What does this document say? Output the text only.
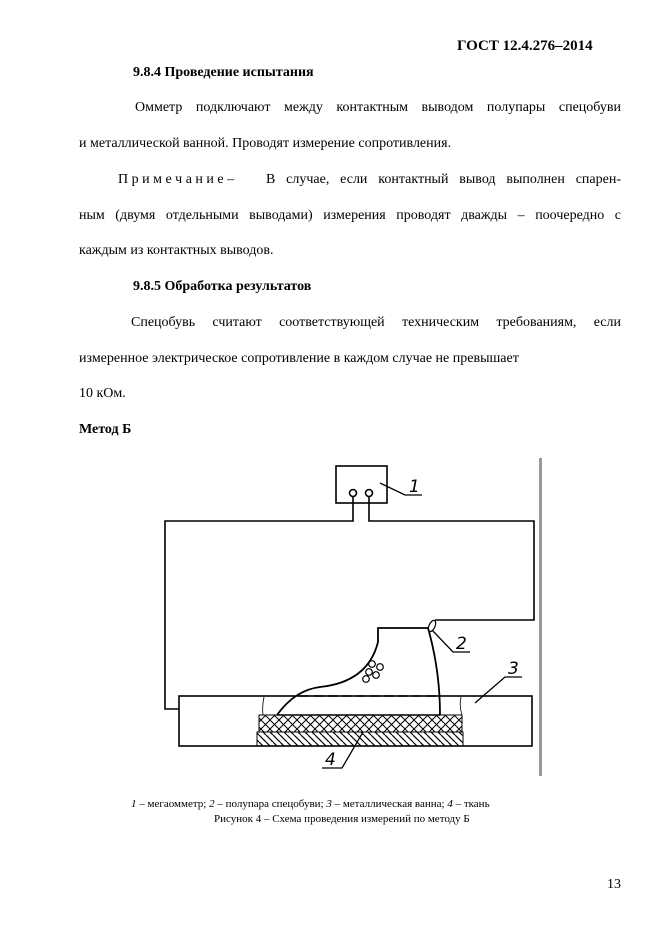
ГОСТ 12.4.276–2014
9.8.4 Проведение испытания
Омметр подключают между контактным выводом полупары спецобуви
и металлической ванной. Проводят измерение сопротивления.
П р и м е ч а н и е – В случае, если контактный вывод выполнен спарен-
ным (двумя отдельными выводами) измерения проводят дважды – поочередно с
каждым из контактных выводов.
9.8.5 Обработка результатов
Спецобувь считают соответствующей техническим требованиям, если
измеренное электрическое сопротивление в каждом случае не превышает
10 кОм.
Метод Б
1
2
3
4
1 – мегаомметр; 2 – полупара спецобуви; 3 – металлическая ванна; 4 – ткань
Рисунок 4 – Схема проведения измерений по методу Б
13
